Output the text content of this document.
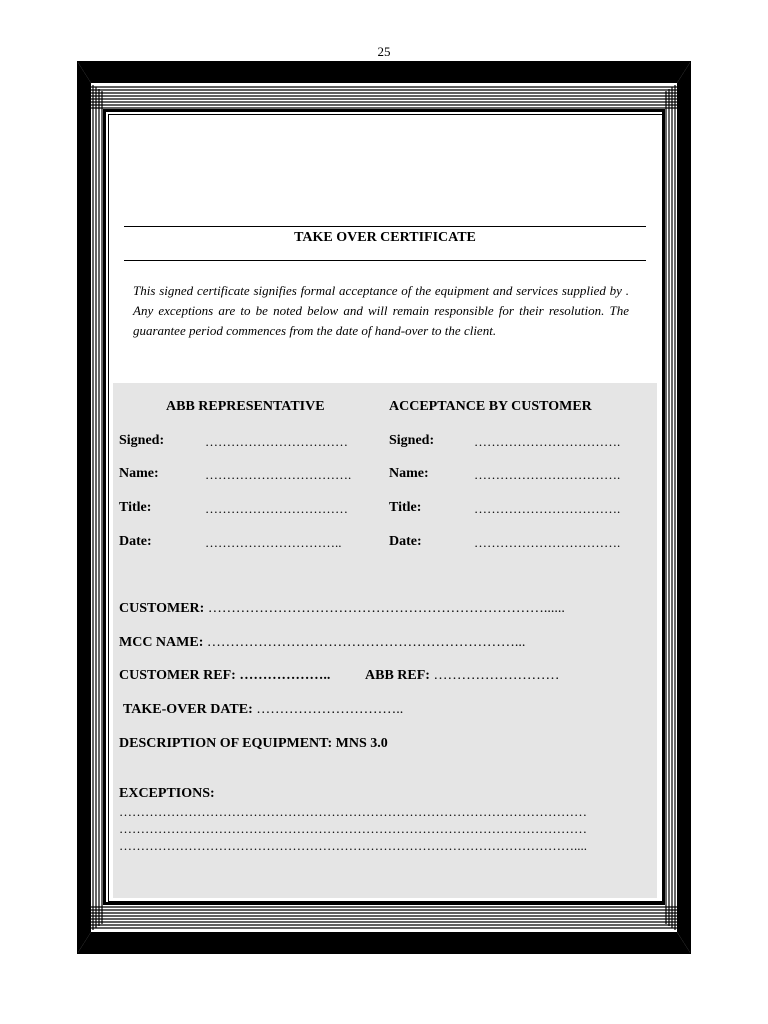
25
TAKE OVER CERTIFICATE
This signed certificate signifies formal acceptance of the equipment and services supplied by . Any exceptions are to be noted below and will remain responsible for their resolution. The guarantee period commences from the date of hand-over to the client.
ABB REPRESENTATIVE	ACCEPTANCE BY CUSTOMER
Signed:	……………………………	Signed:	…………………………….
Name:	…………………………….	Name:	…………………………….
Title:	……………………………	Title:	…………………………….
Date:	…………………………..	Date:	…………………………….
CUSTOMER: ………………………………………………………………......
MCC NAME: …………………………………………………………...
CUSTOMER REF: ……………….. ABB REF: ………………………
TAKE-OVER DATE: …………………………..
DESCRIPTION OF EQUIPMENT: MNS 3.0
EXCEPTIONS:
………………………………………………………………………………………………
………………………………………………………………………………………………
……………………………………………………………………………………………....
